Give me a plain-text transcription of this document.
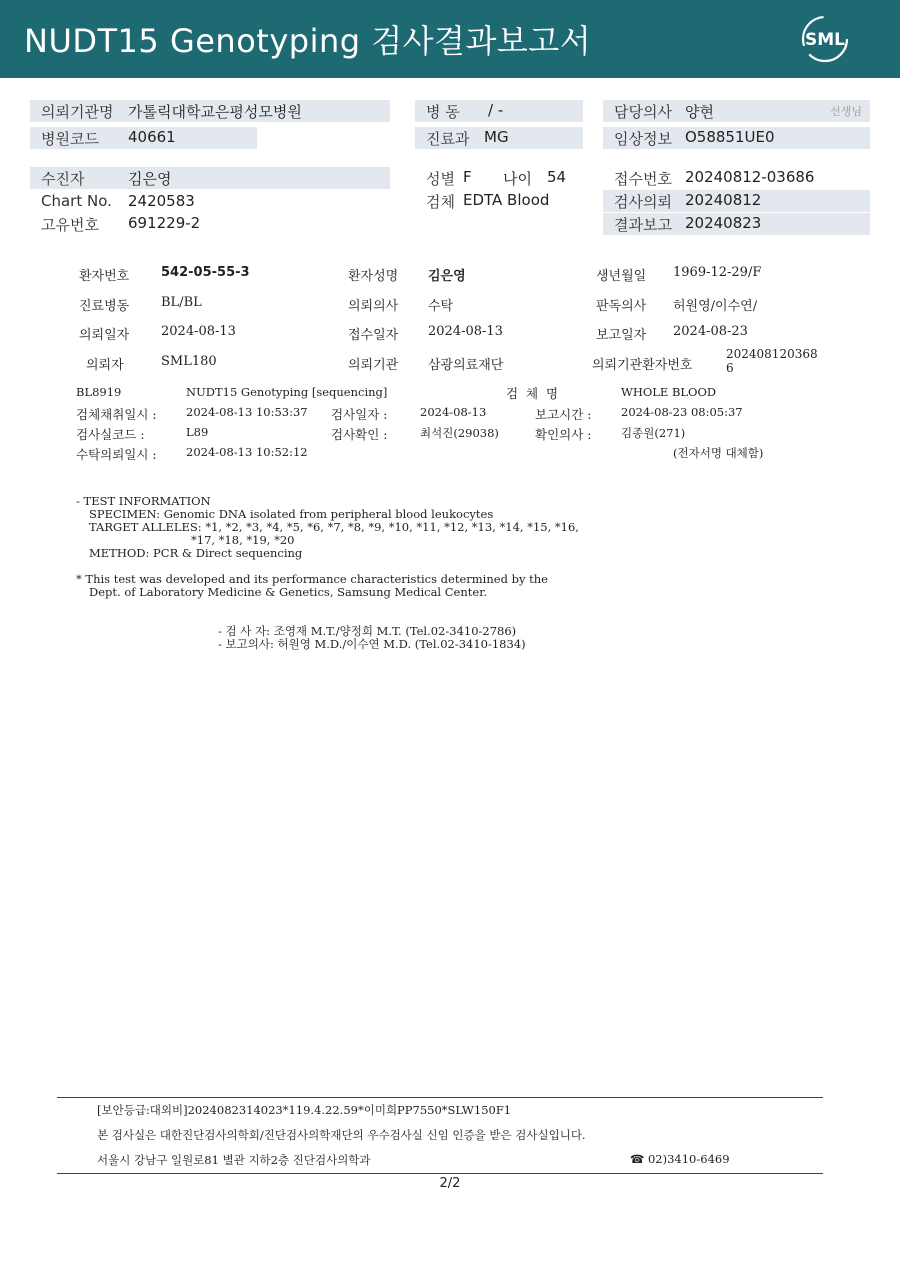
NUDT15 Genotyping 검사결과보고서	SML
의뢰기관명 가톨릭대학교은평성모병원	병 동 / -	담당의사 양현	선생님
병원코드 40661	진료과 MG	임상정보 O58851UE0
수진자	김은영	성별 F 나이 54	접수번호 20240812-03686
Chart No. 2420583	검체 EDTA Blood	검사의뢰 20240812
고유번호 691229-2	결과보고 20240823
환자번호 542-05-55-3	환자성명 김은영	생년월일 1969-12-29/F
진료병동 BL/BL	의뢰의사 수탁	판독의사 허원영/이수연/
의뢰일자 2024-08-13	접수일자 2024-08-13	보고일자 2024-08-23
의뢰자	SML180	의뢰기관 삼광의료재단	의뢰기관환자번호
202408120368
6
BL8919	NUDT15 Genotyping [sequencing]	검  체  명	WHOLE BLOOD
검체채취일시 :	2024-08-13 10:53:37 검사일자 :	2024-08-13	보고시간 :	2024-08-23 08:05:37
검사실코드 :	L89	검사확인 :	최석진(29038)	확인의사 :	김종원(271)
수탁의뢰일시 :	2024-08-13 10:52:12	(전자서명 대체함)
- TEST INFORMATION
SPECIMEN: Genomic DNA isolated from peripheral blood leukocytes
TARGET ALLELES: *1, *2, *3, *4, *5, *6, *7, *8, *9, *10, *11, *12, *13, *14, *15, *16,
*17, *18, *19, *20
METHOD: PCR & Direct sequencing
* This test was developed and its performance characteristics determined by the
Dept. of Laboratory Medicine & Genetics, Samsung Medical Center.
- 검 사 자: 조영재 M.T./양정희 M.T. (Tel.02-3410-2786)
- 보고의사: 허원영 M.D./이수연 M.D. (Tel.02-3410-1834)
[보안등급:대외비]2024082314023*119.4.22.59*이미희PP7550*SLW150F1
본 검사실은 대한진단검사의학회/진단검사의학재단의 우수검사실 신임 인증을 받은 검사실입니다.
서울시 강남구 일원로81 별관 지하2층 진단검사의학과	☎ 02)3410-6469
2/2
